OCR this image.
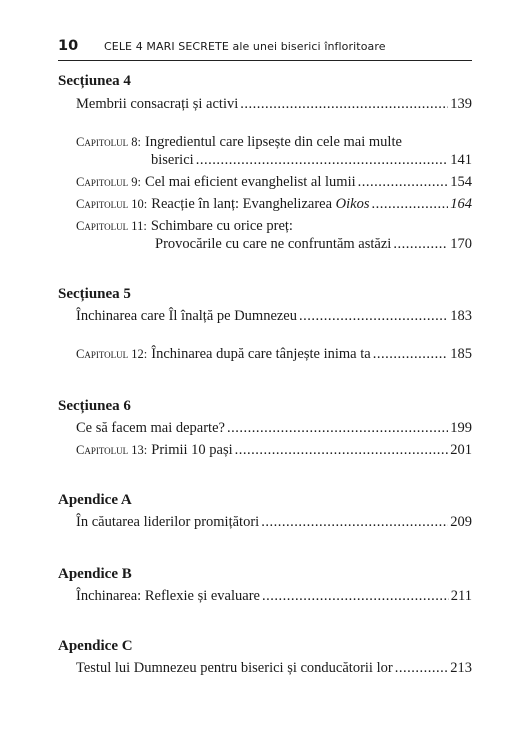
10 CELE 4 MARI SECRETE ale unei biserici înfloritoare
Secțiunea 4
Membrii consacrați și activi .....	139
Capitolul 8: Ingredientul care lipsește din cele mai multe
biserici .....	141
Capitolul 9: Cel mai eficient evanghelist al lumii .....	154
Capitolul 10: Reacție în lanț: Evanghelizarea Oikos .....	164
Capitolul 11: Schimbare cu orice preț:
Provocările cu care ne confruntăm astăzi .....	170
Secțiunea 5
Închinarea care Îl înalță pe Dumnezeu .....	183
Capitolul 12: Închinarea după care tânjește inima ta .....	185
Secțiunea 6
Ce să facem mai departe? .....	199
Capitolul 13: Primii 10 pași .....	201
Apendice A
În căutarea liderilor promițători .....	209
Apendice B
Închinarea: Reflexie și evaluare .....	211
Apendice C
Testul lui Dumnezeu pentru biserici și conducătorii lor .....	213
